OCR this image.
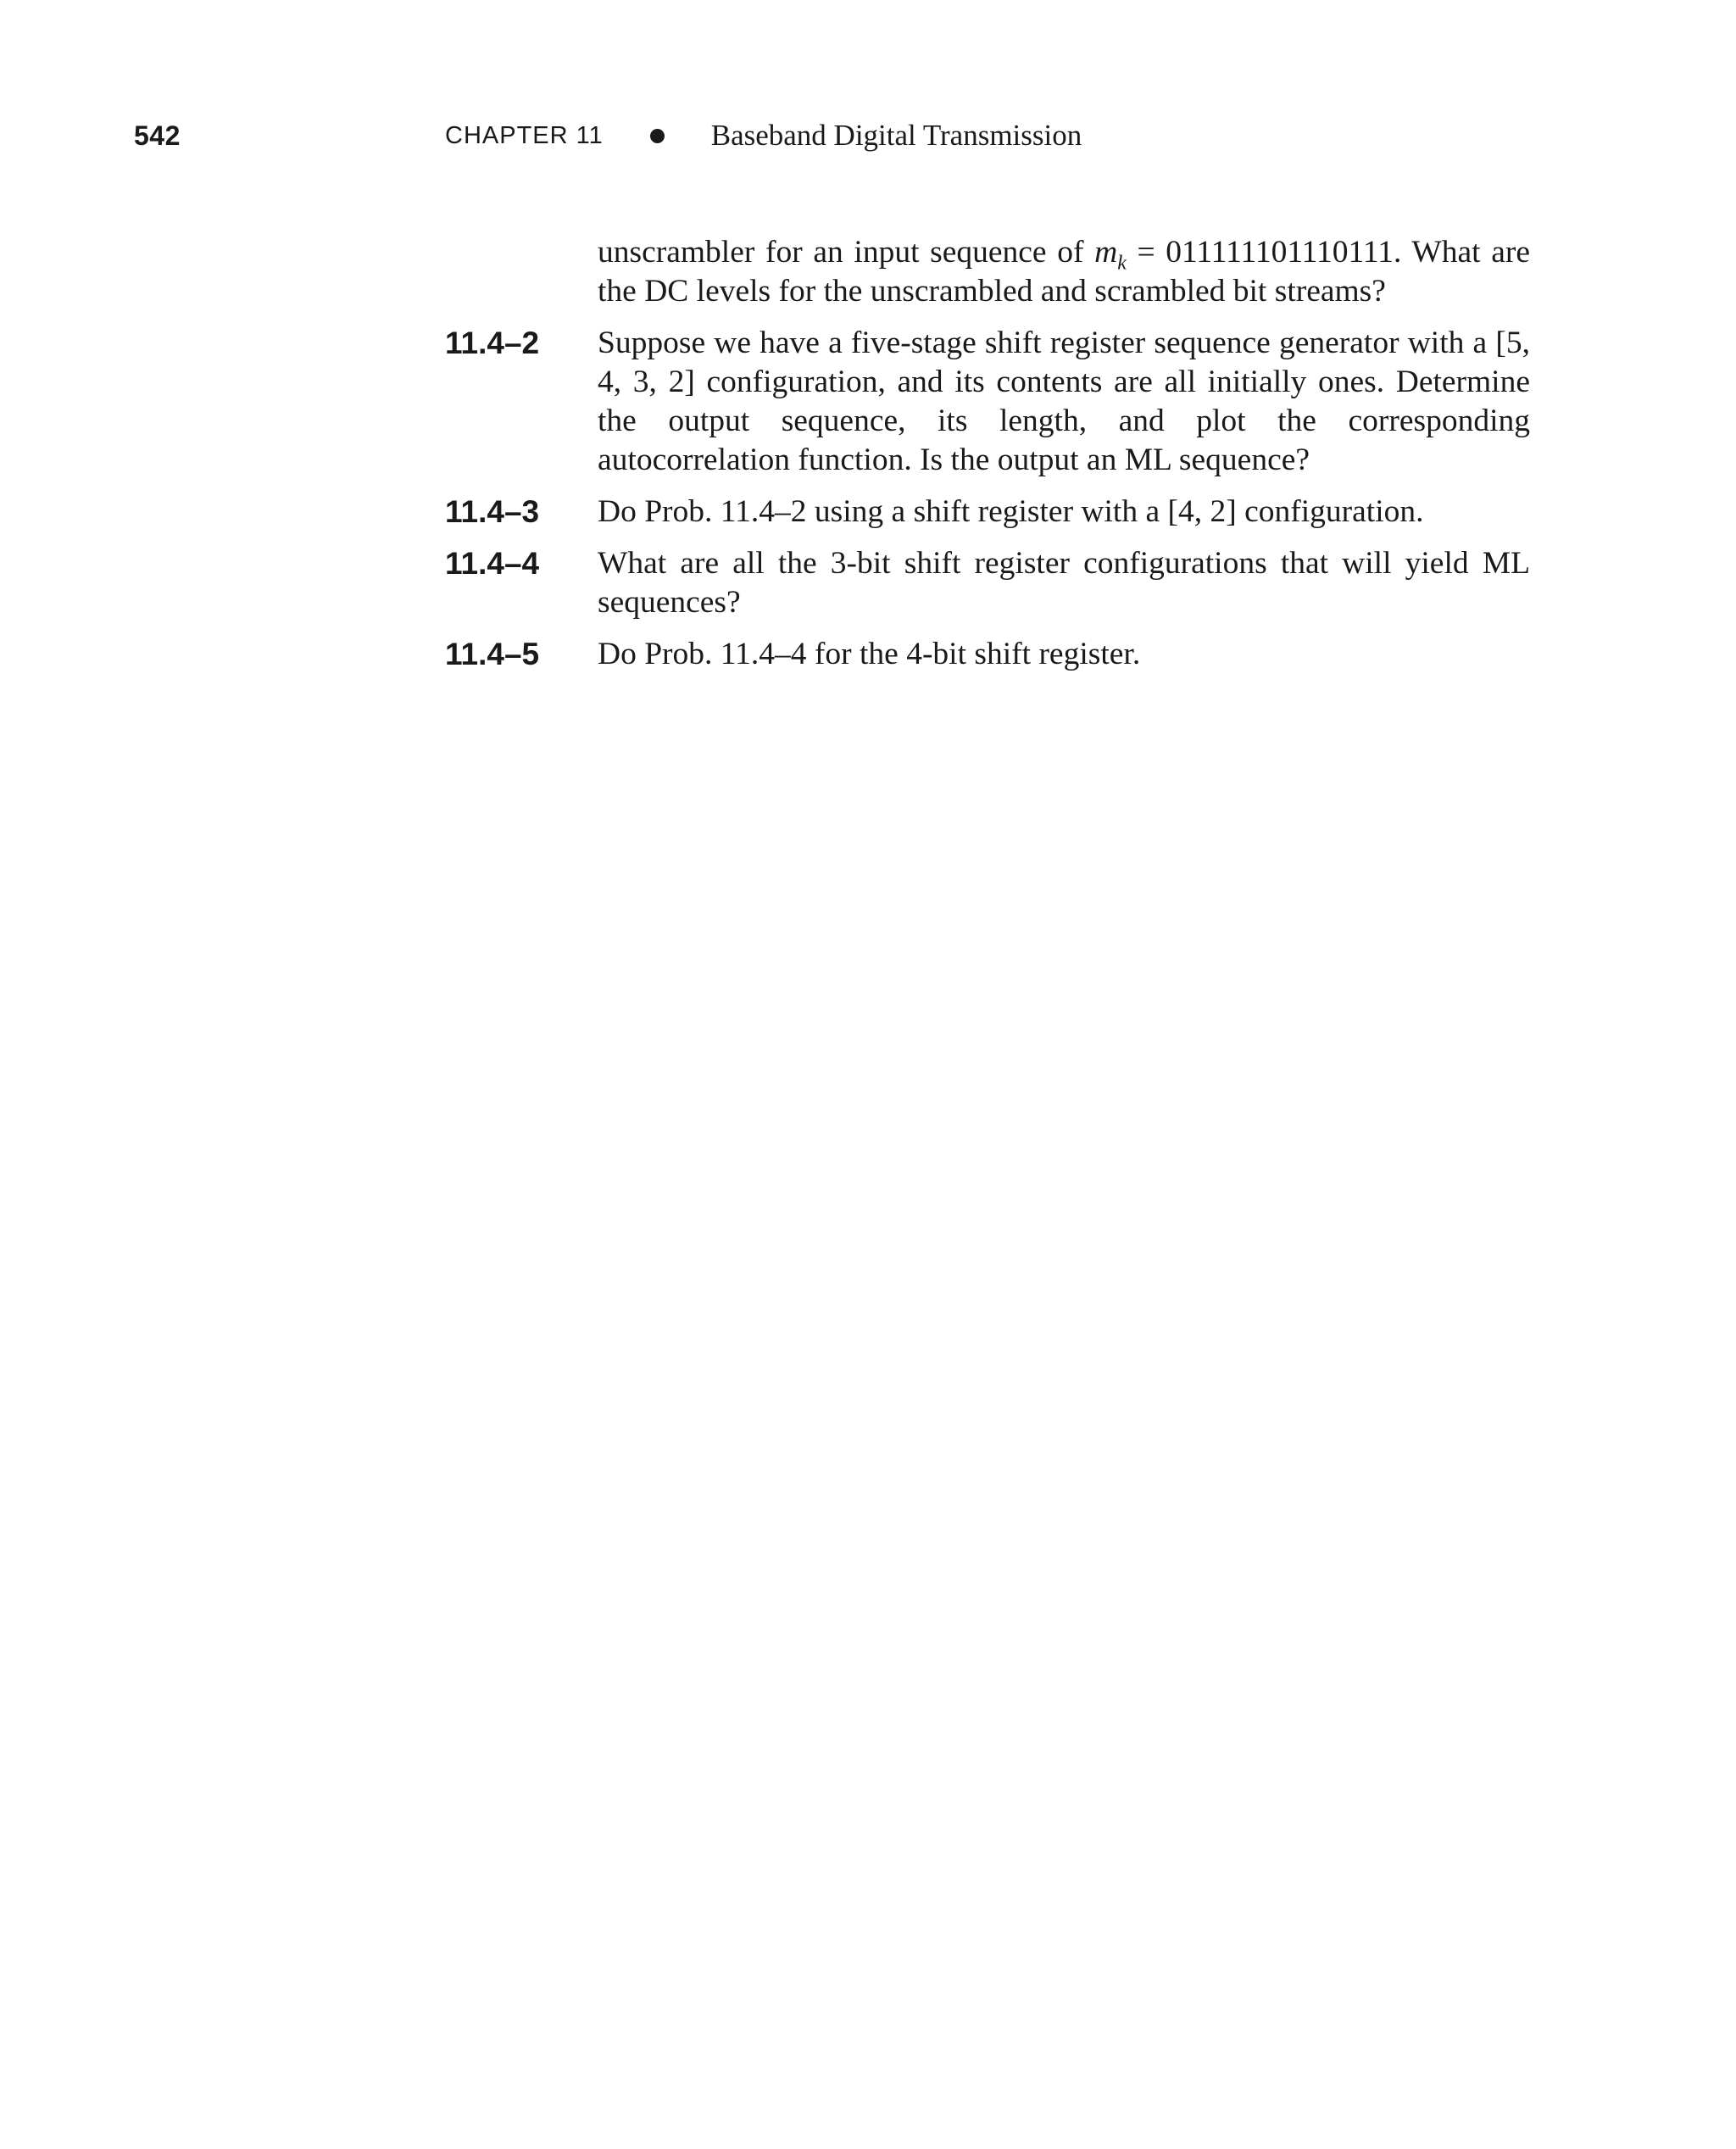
542	CHAPTER 11	Baseband Digital Transmission
unscrambler for an input sequence of $m_k = 011111101110111$. What are the DC levels for the unscrambled and scrambled bit streams?
11.4–2	Suppose we have a five-stage shift register sequence generator with a [5, 4, 3, 2] configuration, and its contents are all initially ones. Determine the output sequence, its length, and plot the corresponding autocorrelation function. Is the output an ML sequence?
11.4–3	Do Prob. 11.4–2 using a shift register with a [4, 2] configuration.
11.4–4	What are all the 3-bit shift register configurations that will yield ML sequences?
11.4–5	Do Prob. 11.4–4 for the 4-bit shift register.
